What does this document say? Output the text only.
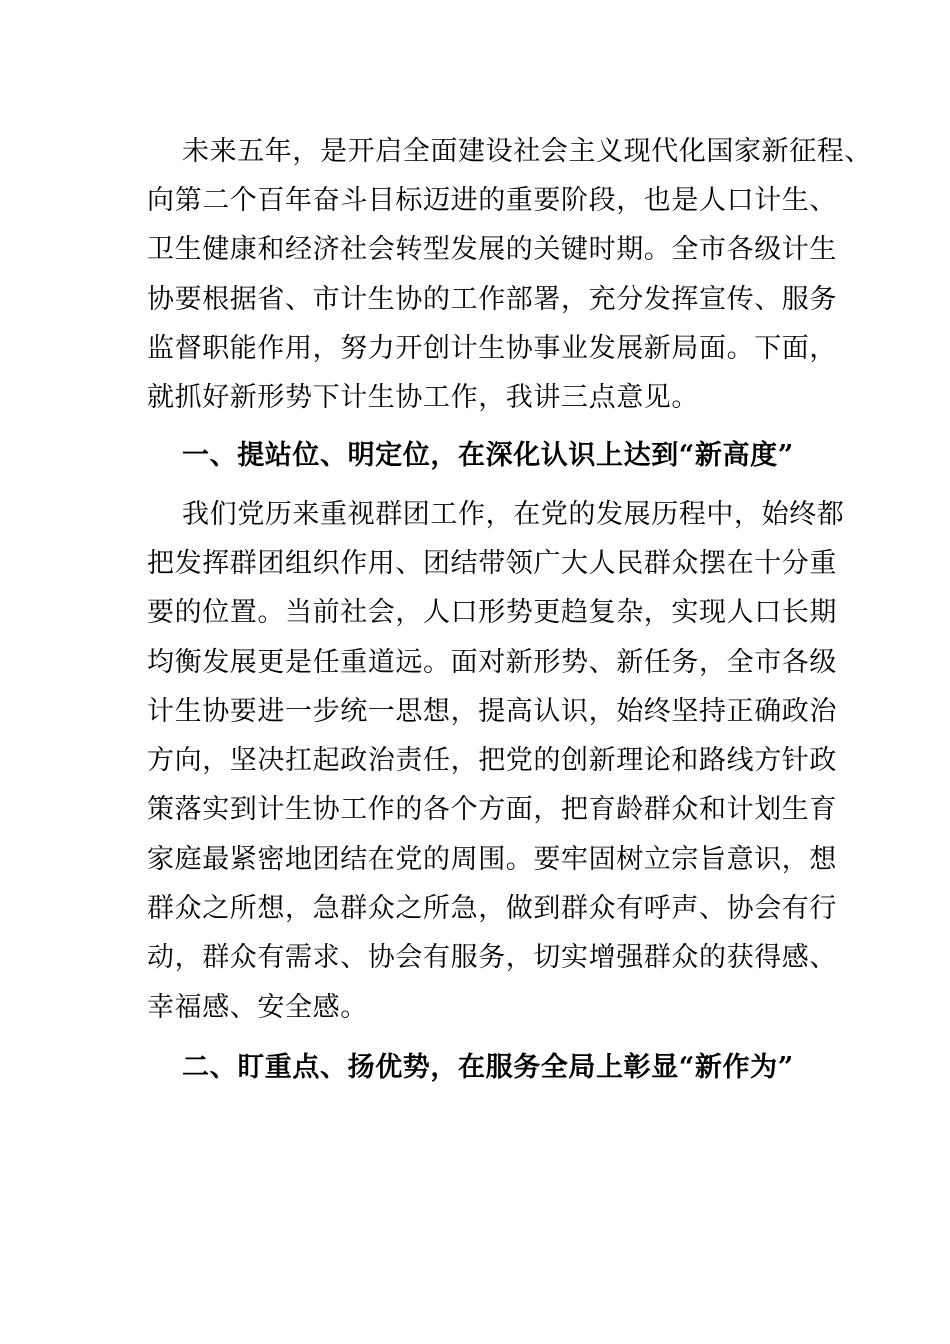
未来五年，是开启全面建设社会主义现代化国家新征程、
向第二个百年奋斗目标迈进的重要阶段，也是人口计生、
卫生健康和经济社会转型发展的关键时期。全市各级计生
协要根据省、市计生协的工作部署，充分发挥宣传、服务
监督职能作用，努力开创计生协事业发展新局面。下面，
就抓好新形势下计生协工作，我讲三点意见。
一、提站位、明定位，在深化认识上达到“新高度”
我们党历来重视群团工作，在党的发展历程中，始终都
把发挥群团组织作用、团结带领广大人民群众摆在十分重
要的位置。当前社会，人口形势更趋复杂，实现人口长期
均衡发展更是任重道远。面对新形势、新任务，全市各级
计生协要进一步统一思想，提高认识，始终坚持正确政治
方向，坚决扛起政治责任，把党的创新理论和路线方针政
策落实到计生协工作的各个方面，把育龄群众和计划生育
家庭最紧密地团结在党的周围。要牢固树立宗旨意识，想
群众之所想，急群众之所急，做到群众有呼声、协会有行
动，群众有需求、协会有服务，切实增强群众的获得感、
幸福感、安全感。
二、盯重点、扬优势，在服务全局上彰显“新作为”
